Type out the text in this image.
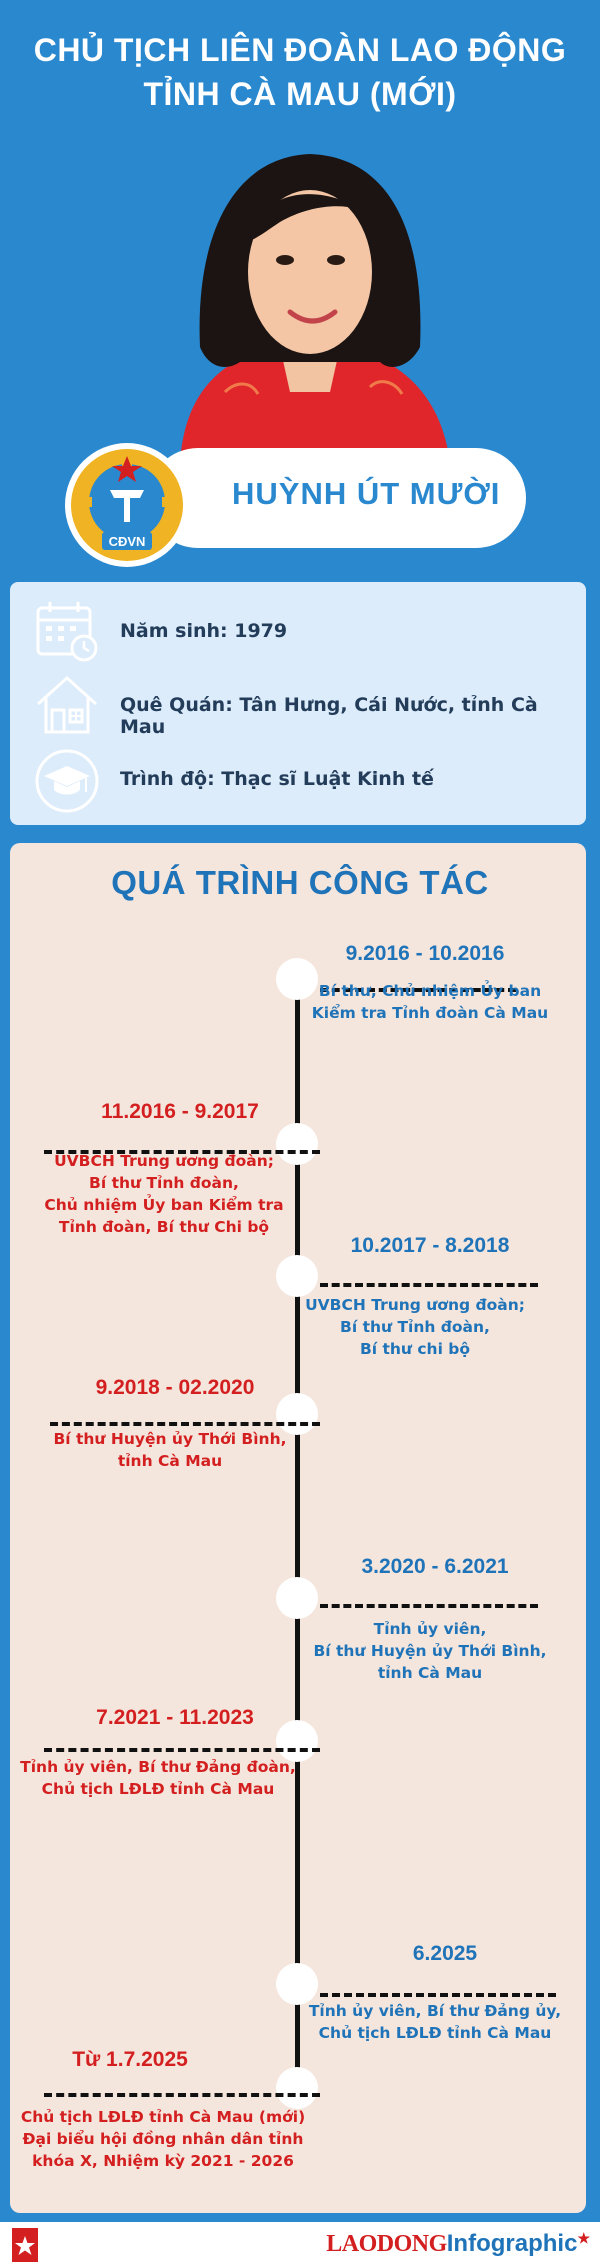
CHỦ TỊCH LIÊN ĐOÀN LAO ĐỘNG
TỈNH CÀ MAU (MỚI)
CĐVN
HUỲNH ÚT MƯỜI
Năm sinh: 1979
Quê Quán: Tân Hưng, Cái Nước, tỉnh Cà Mau
Trình độ: Thạc sĩ Luật Kinh tế
QUÁ TRÌNH CÔNG TÁC
9.2016 - 10.2016
Bí thư, Chủ nhiệm Ủy ban
Kiểm tra Tỉnh đoàn Cà Mau
11.2016 - 9.2017
UVBCH Trung ương đoàn;
Bí thư Tỉnh đoàn,
Chủ nhiệm Ủy ban Kiểm tra
Tỉnh đoàn, Bí thư Chi bộ
10.2017 - 8.2018
UVBCH Trung ương đoàn;
Bí thư Tỉnh đoàn,
Bí thư chi bộ
9.2018 - 02.2020
Bí thư Huyện ủy Thới Bình,
tỉnh Cà Mau
3.2020 - 6.2021
Tỉnh ủy viên,
Bí thư Huyện ủy Thới Bình,
tỉnh Cà Mau
7.2021 - 11.2023
Tỉnh ủy viên, Bí thư Đảng đoàn,
Chủ tịch LĐLĐ tỉnh Cà Mau
6.2025
Tỉnh ủy viên, Bí thư Đảng ủy,
Chủ tịch LĐLĐ tỉnh Cà Mau
Từ 1.7.2025
Chủ tịch LĐLĐ tỉnh Cà Mau (mới)
Đại biểu hội đồng nhân dân tỉnh
khóa X, Nhiệm kỳ 2021 - 2026
LAODONGInfographic★
